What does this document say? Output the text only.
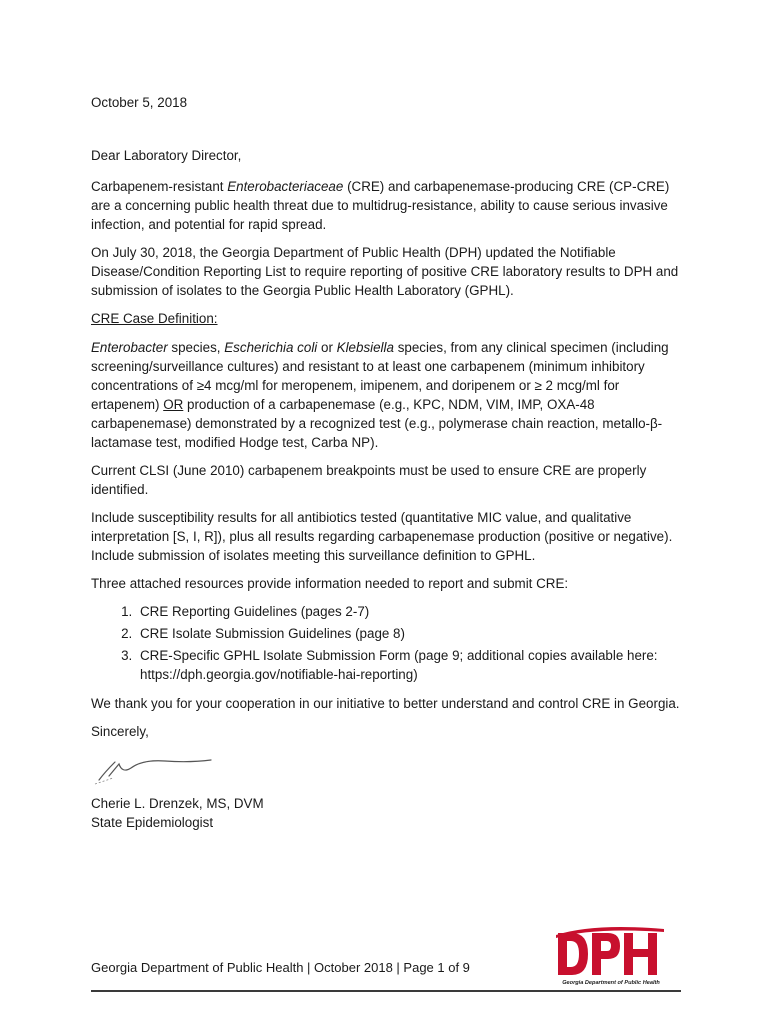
October 5, 2018

Dear Laboratory Director,

Carbapenem-resistant Enterobacteriaceae (CRE) and carbapenemase-producing CRE (CP-CRE) are a concerning public health threat due to multidrug-resistance, ability to cause serious invasive infection, and potential for rapid spread.

On July 30, 2018, the Georgia Department of Public Health (DPH) updated the Notifiable Disease/Condition Reporting List to require reporting of positive CRE laboratory results to DPH and submission of isolates to the Georgia Public Health Laboratory (GPHL).

CRE Case Definition:

Enterobacter species, Escherichia coli or Klebsiella species, from any clinical specimen (including screening/surveillance cultures) and resistant to at least one carbapenem (minimum inhibitory concentrations of ≥4 mcg/ml for meropenem, imipenem, and doripenem or ≥ 2 mcg/ml for ertapenem) OR production of a carbapenemase (e.g., KPC, NDM, VIM, IMP, OXA-48 carbapenemase) demonstrated by a recognized test (e.g., polymerase chain reaction, metallo-β-lactamase test, modified Hodge test, Carba NP).

Current CLSI (June 2010) carbapenem breakpoints must be used to ensure CRE are properly identified.

Include susceptibility results for all antibiotics tested (quantitative MIC value, and qualitative interpretation [S, I, R]), plus all results regarding carbapenemase production (positive or negative). Include submission of isolates meeting this surveillance definition to GPHL.

Three attached resources provide information needed to report and submit CRE:

1. CRE Reporting Guidelines (pages 2-7)
2. CRE Isolate Submission Guidelines (page 8)
3. CRE-Specific GPHL Isolate Submission Form (page 9; additional copies available here:
https://dph.georgia.gov/notifiable-hai-reporting)

We thank you for your cooperation in our initiative to better understand and control CRE in Georgia.

Sincerely,

Cherie L. Drenzek, MS, DVM

State Epidemiologist

Georgia Department of Public Health | October 2018 | Page 1 of 9
Georgia Department of Public Health
